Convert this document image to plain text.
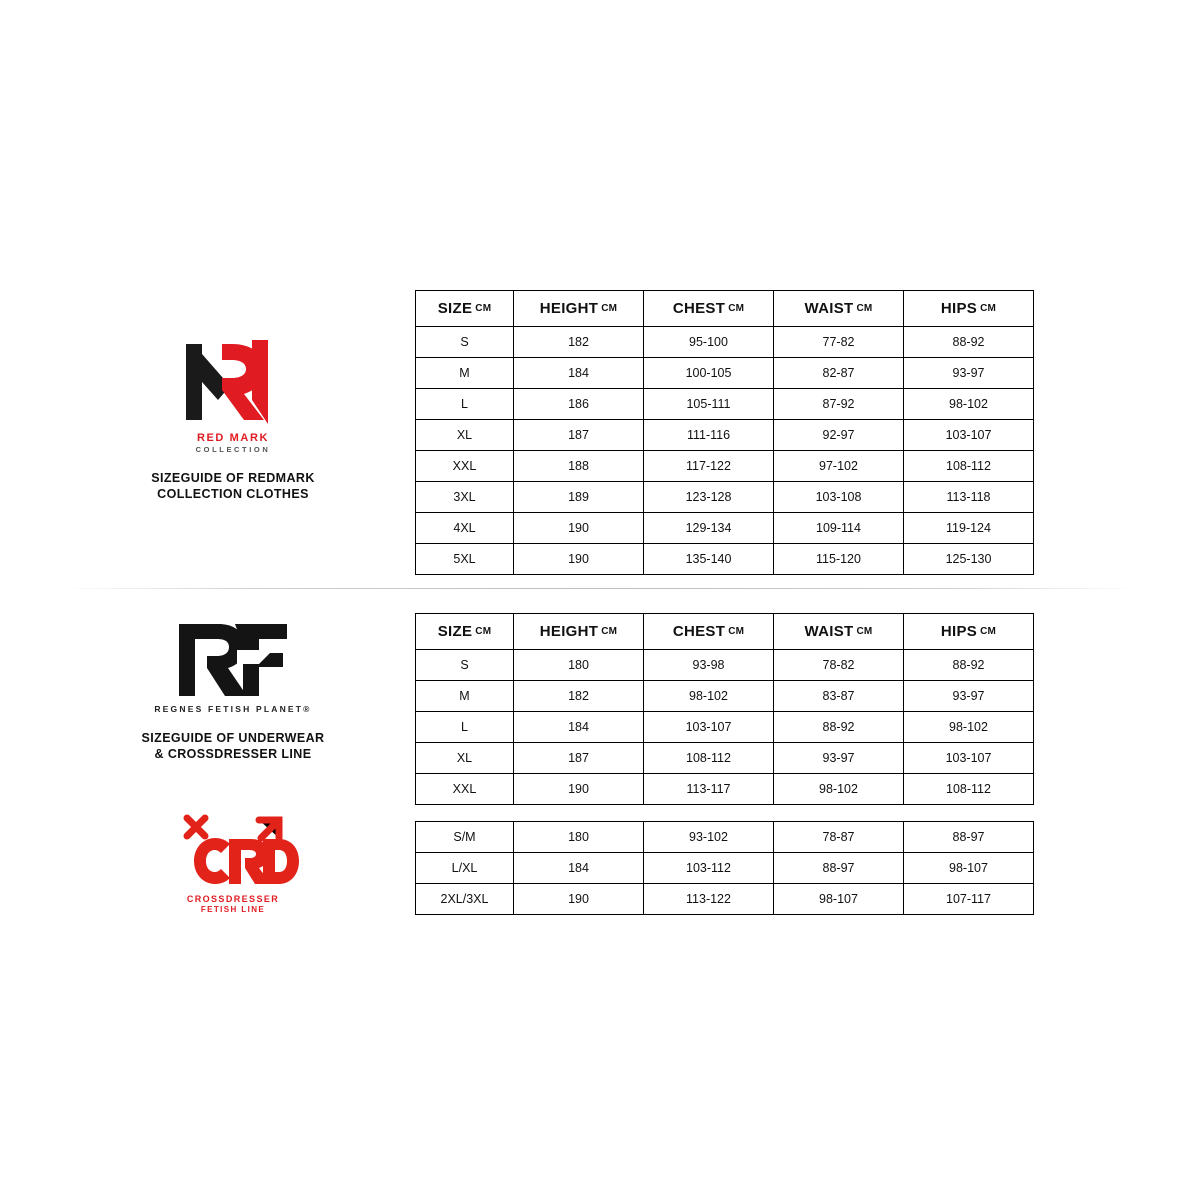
RED MARK
COLLECTION
SIZEGUIDE OF REDMARK
COLLECTION CLOTHES
SIZE CM	HEIGHT CM	CHEST CM	WAIST CM	HIPS CM
S	182	95-100	77-82	88-92
M	184	100-105	82-87	93-97
L	186	105-111	87-92	98-102
XL	187	111-116	92-97	103-107
XXL	188	117-122	97-102	108-112
3XL	189	123-128	103-108	113-118
4XL	190	129-134	109-114	119-124
5XL	190	135-140	115-120	125-130
REGNES FETISH PLANET®
SIZEGUIDE OF UNDERWEAR
& CROSSDRESSER LINE
CROSSDRESSER
FETISH LINE
SIZE CM	HEIGHT CM	CHEST CM	WAIST CM	HIPS CM
S	180	93-98	78-82	88-92
M	182	98-102	83-87	93-97
L	184	103-107	88-92	98-102
XL	187	108-112	93-97	103-107
XXL	190	113-117	98-102	108-112
S/M	180	93-102	78-87	88-97
L/XL	184	103-112	88-97	98-107
2XL/3XL	190	113-122	98-107	107-117
